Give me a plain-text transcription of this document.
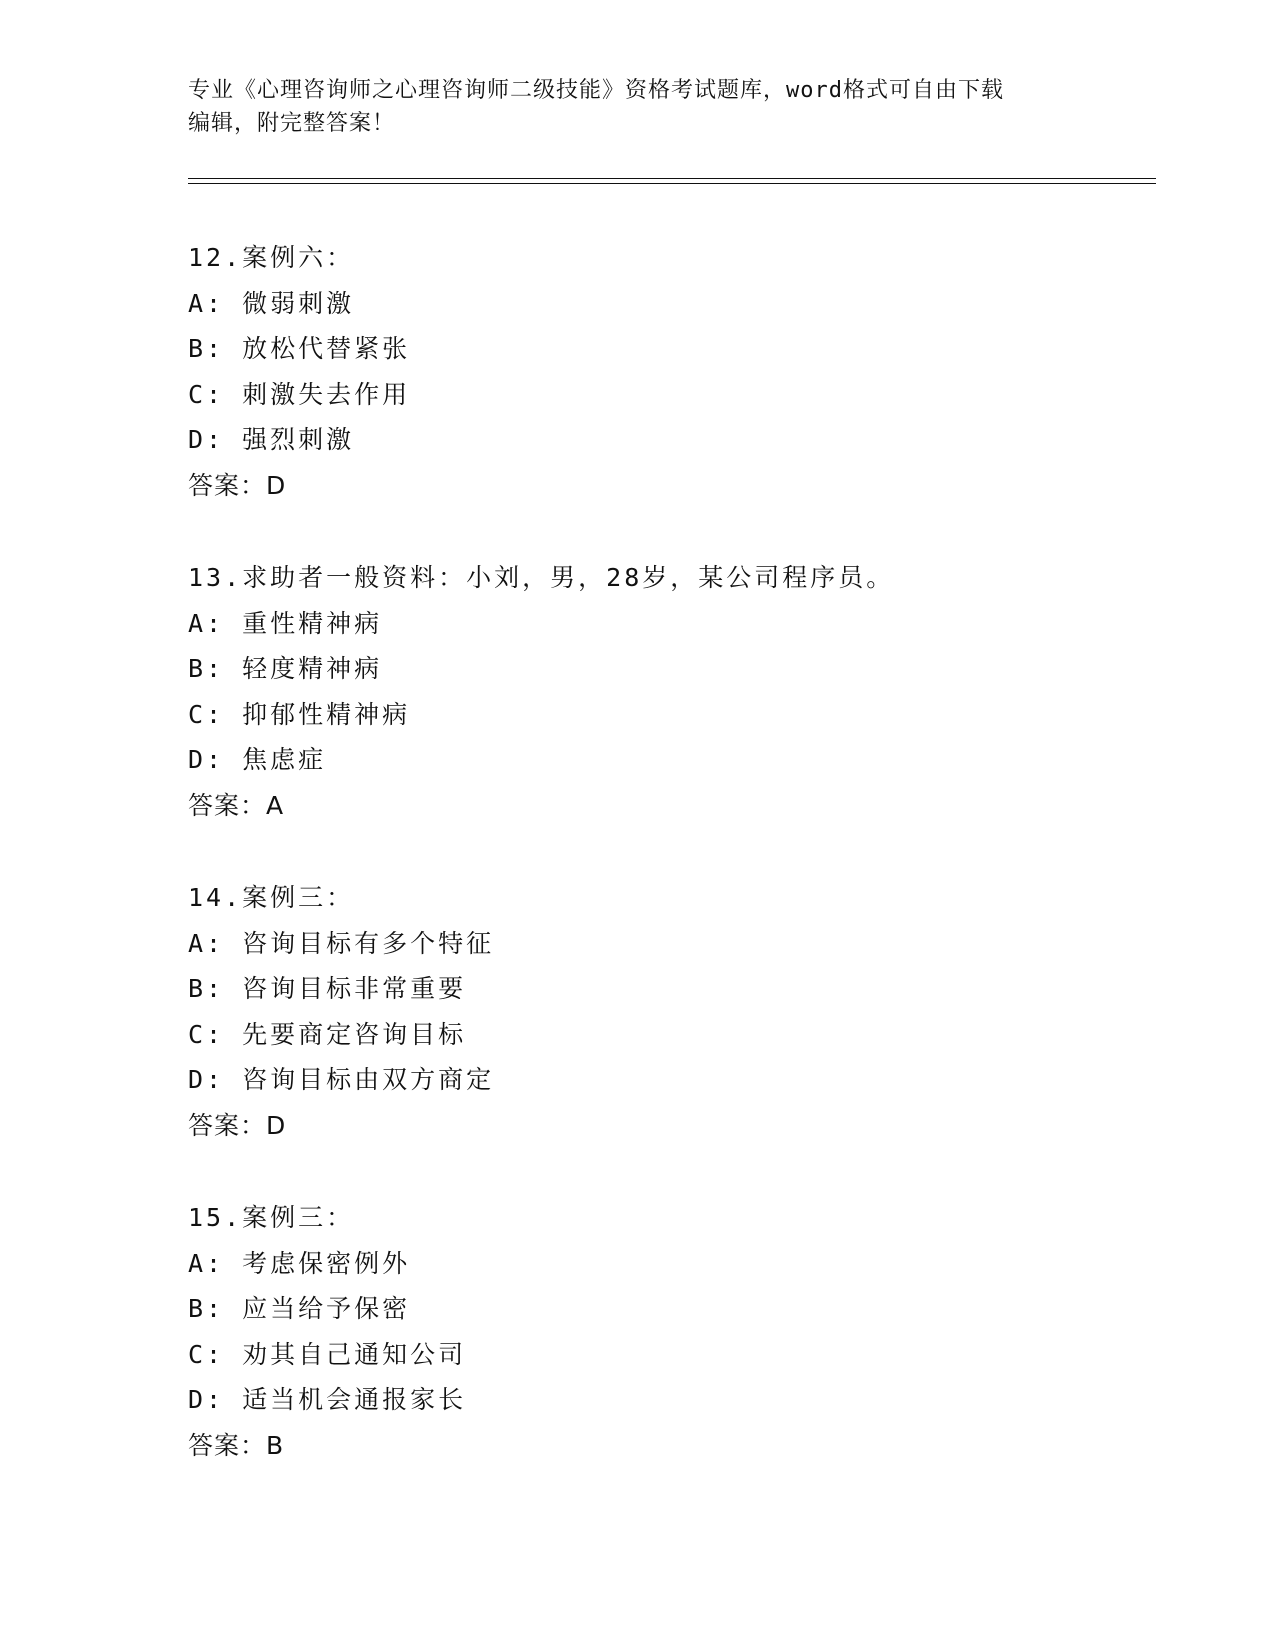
专业《心理咨询师之心理咨询师二级技能》资格考试题库，word格式可自由下载
编辑，附完整答案！
12.案例六：
A: 微弱刺激
B: 放松代替紧张
C: 刺激失去作用
D: 强烈刺激
答案：D
13.求助者一般资料：小刘，男，28岁，某公司程序员。
A: 重性精神病
B: 轻度精神病
C: 抑郁性精神病
D: 焦虑症
答案：A
14.案例三：
A: 咨询目标有多个特征
B: 咨询目标非常重要
C: 先要商定咨询目标
D: 咨询目标由双方商定
答案：D
15.案例三：
A: 考虑保密例外
B: 应当给予保密
C: 劝其自己通知公司
D: 适当机会通报家长
答案：B
